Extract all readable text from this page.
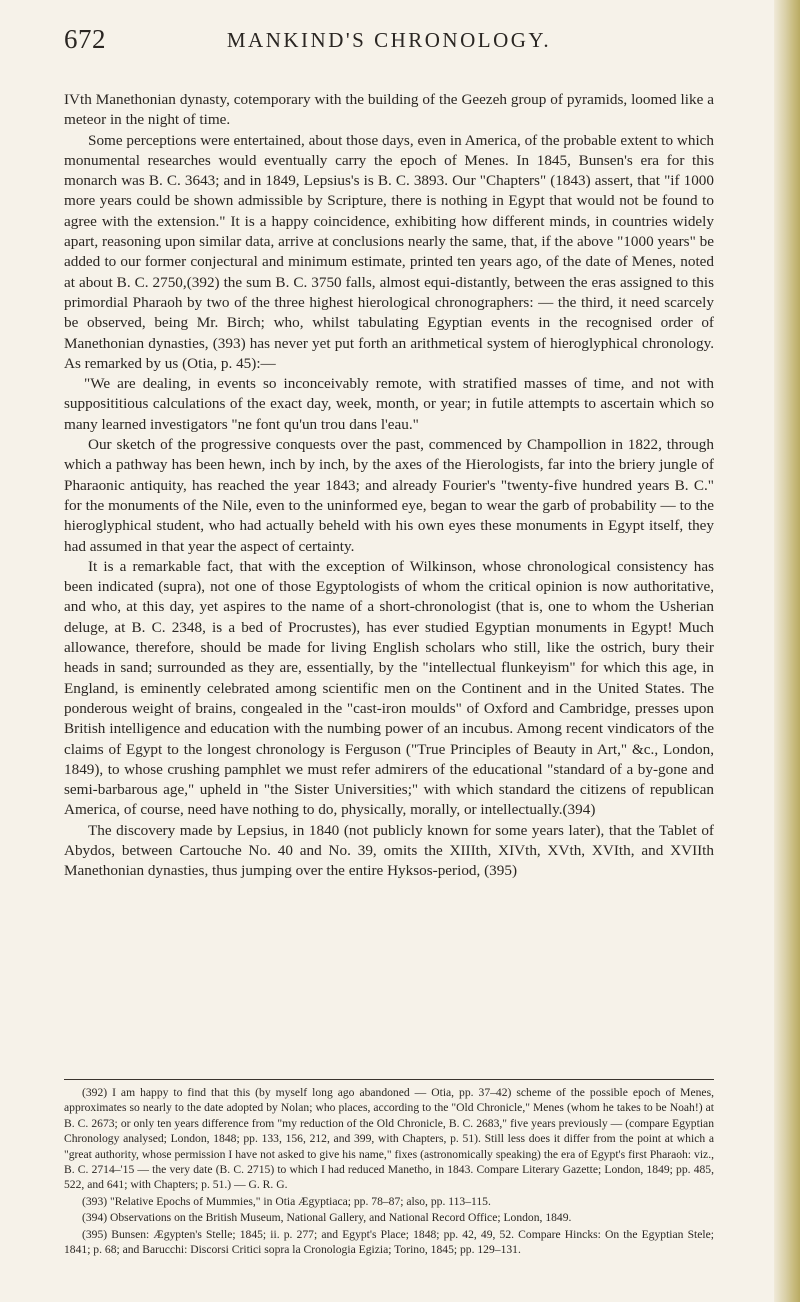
672	MANKIND'S CHRONOLOGY.

IVth Manethonian dynasty, cotemporary with the building of the Geezeh group of pyramids, loomed like a meteor in the night of time.

Some perceptions were entertained, about those days, even in America, of the probable extent to which monumental researches would eventually carry the epoch of Menes. In 1845, Bunsen's era for this monarch was B. C. 3643; and in 1849, Lepsius's is B. C. 3893. Our "Chapters" (1843) assert, that "if 1000 more years could be shown admissible by Scripture, there is nothing in Egypt that would not be found to agree with the extension." It is a happy coincidence, exhibiting how different minds, in countries widely apart, reasoning upon similar data, arrive at conclusions nearly the same, that, if the above "1000 years" be added to our former conjectural and minimum estimate, printed ten years ago, of the date of Menes, noted at about B. C. 2750,(392) the sum B. C. 3750 falls, almost equi-distantly, between the eras assigned to this primordial Pharaoh by two of the three highest hierological chronographers: — the third, it need scarcely be observed, being Mr. Birch; who, whilst tabulating Egyptian events in the recognised order of Manethonian dynasties, (393) has never yet put forth an arithmetical system of hieroglyphical chronology. As remarked by us (Otia, p. 45):—

"We are dealing, in events so inconceivably remote, with stratified masses of time, and not with supposititious calculations of the exact day, week, month, or year; in futile attempts to ascertain which so many learned investigators "ne font qu'un trou dans l'eau."

Our sketch of the progressive conquests over the past, commenced by Champollion in 1822, through which a pathway has been hewn, inch by inch, by the axes of the Hierologists, far into the briery jungle of Pharaonic antiquity, has reached the year 1843; and already Fourier's "twenty-five hundred years B. C." for the monuments of the Nile, even to the uninformed eye, began to wear the garb of probability — to the hieroglyphical student, who had actually beheld with his own eyes these monuments in Egypt itself, they had assumed in that year the aspect of certainty.

It is a remarkable fact, that with the exception of Wilkinson, whose chronological consistency has been indicated (supra), not one of those Egyptologists of whom the critical opinion is now authoritative, and who, at this day, yet aspires to the name of a short-chronologist (that is, one to whom the Usherian deluge, at B. C. 2348, is a bed of Procrustes), has ever studied Egyptian monuments in Egypt! Much allowance, therefore, should be made for living English scholars who still, like the ostrich, bury their heads in sand; surrounded as they are, essentially, by the "intellectual flunkeyism" for which this age, in England, is eminently celebrated among scientific men on the Continent and in the United States. The ponderous weight of brains, congealed in the "cast-iron moulds" of Oxford and Cambridge, presses upon British intelligence and education with the numbing power of an incubus. Among recent vindicators of the claims of Egypt to the longest chronology is Ferguson ("True Principles of Beauty in Art," &c., London, 1849), to whose crushing pamphlet we must refer admirers of the educational "standard of a by-gone and semi-barbarous age," upheld in "the Sister Universities;" with which standard the citizens of republican America, of course, need have nothing to do, physically, morally, or intellectually.(394)

The discovery made by Lepsius, in 1840 (not publicly known for some years later), that the Tablet of Abydos, between Cartouche No. 40 and No. 39, omits the XIIIth, XIVth, XVth, XVIth, and XVIIth Manethonian dynasties, thus jumping over the entire Hyksos-period, (395)

(392) I am happy to find that this (by myself long ago abandoned — Otia, pp. 37–42) scheme of the possible epoch of Menes, approximates so nearly to the date adopted by Nolan; who places, according to the "Old Chronicle," Menes (whom he takes to be Noah!) at B. C. 2673; or only ten years difference from "my reduction of the Old Chronicle, B. C. 2683," five years previously — (compare Egyptian Chronology analysed; London, 1848; pp. 133, 156, 212, and 399, with Chapters, p. 51). Still less does it differ from the point at which a "great authority, whose permission I have not asked to give his name," fixes (astronomically speaking) the era of Egypt's first Pharaoh: viz., B. C. 2714–'15 — the very date (B. C. 2715) to which I had reduced Manetho, in 1843. Compare Literary Gazette; London, 1849; pp. 485, 522, and 641; with Chapters; p. 51.) — G. R. G.

(393) "Relative Epochs of Mummies," in Otia Ægyptiaca; pp. 78–87; also, pp. 113–115.

(394) Observations on the British Museum, National Gallery, and National Record Office; London, 1849.

(395) Bunsen: Ægypten's Stelle; 1845; ii. p. 277; and Egypt's Place; 1848; pp. 42, 49, 52. Compare Hincks: On the Egyptian Stele; 1841; p. 68; and Barucchi: Discorsi Critici sopra la Cronologia Egizia; Torino, 1845; pp. 129–131.
